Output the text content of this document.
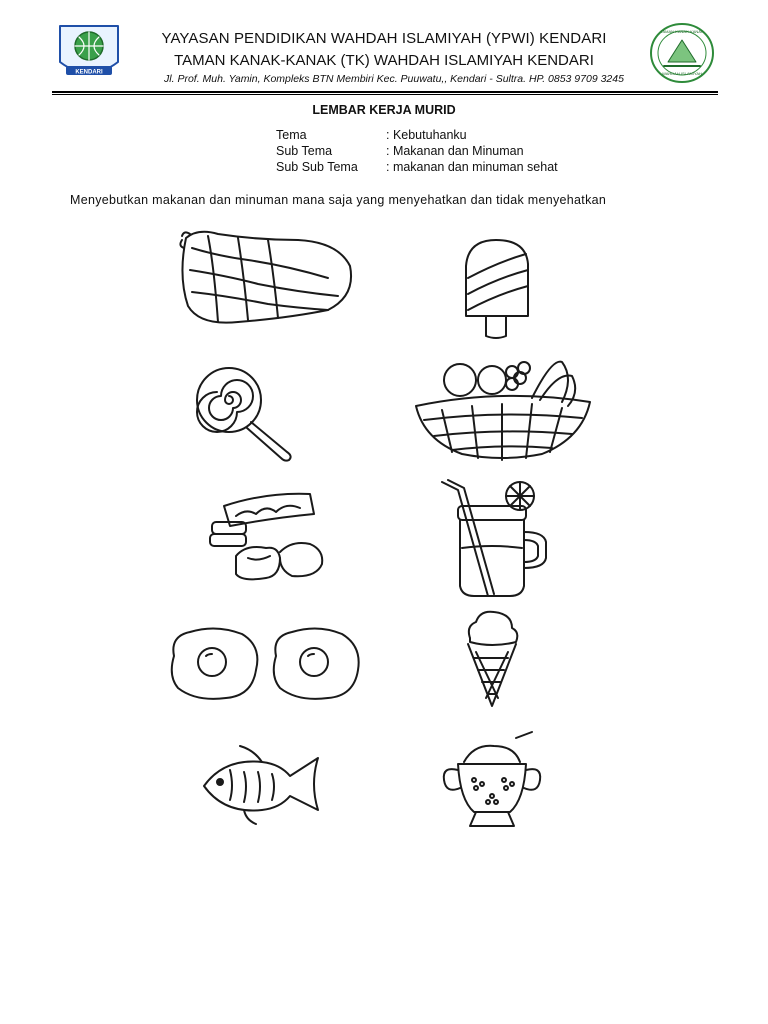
KENDARI
YAYASAN PENDIDIKAN WAHDAH ISLAMIYAH (YPWI) KENDARI
TAMAN KANAK-KANAK (TK) WAHDAH ISLAMIYAH KENDARI
Jl. Prof. Muh. Yamin, Kompleks BTN Membiri Kec. Puuwatu,, Kendari - Sultra. HP. 0853 9709 3245
TAMAN KANAK-KANAK
WAHDAH ISLAMIYAH
LEMBAR KERJA MURID
Tema	: Kebutuhanku
Sub Tema	: Makanan dan Minuman
Sub Sub Tema	: makanan dan minuman sehat
Menyebutkan makanan dan minuman mana saja yang menyehatkan dan tidak menyehatkan
